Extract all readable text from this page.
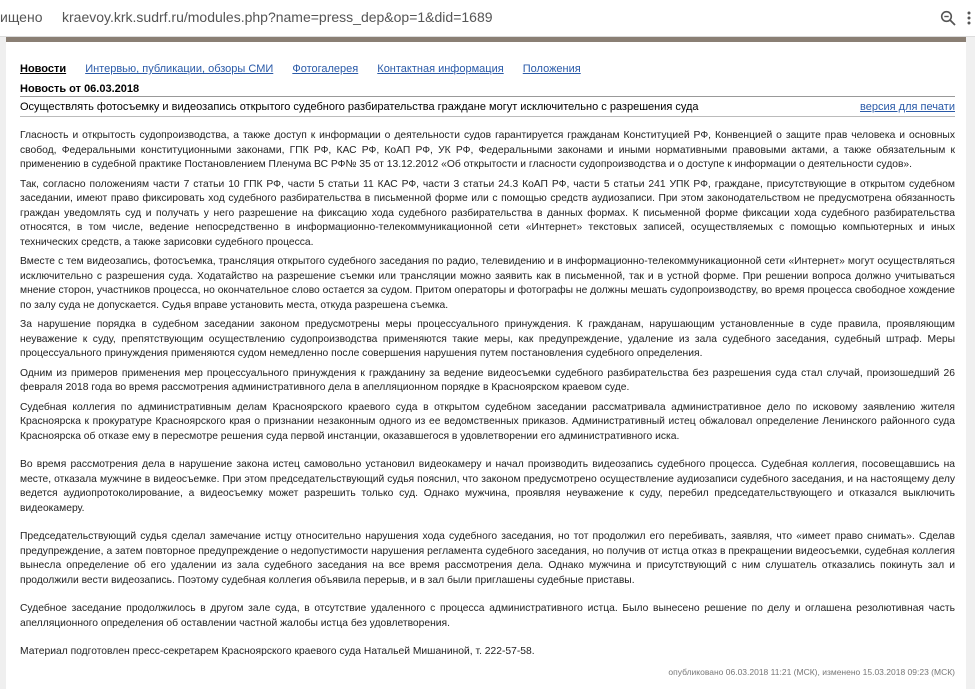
ищено kraevoy.krk.sudrf.ru/modules.php?name=press_dep&op=1&did=1689
Новости Интервью, публикации, обзоры СМИ Фотогалерея Контактная информация Положения
Новость от 06.03.2018
Осуществлять фотосъемку и видеозапись открытого судебного разбирательства граждане могут исключительно с разрешения суда	версия для печати

Гласность и открытость судопроизводства, а также доступ к информации о деятельности судов гарантируется гражданам Конституцией РФ, Конвенцией о защите прав человека и основных свобод, Федеральными конституционными законами, ГПК РФ, КАС РФ, КоАП РФ, УК РФ, Федеральными законами и иными нормативными правовыми актами, а также обязательным к применению в судебной практике Постановлением Пленума ВС РФ№ 35 от 13.12.2012 «Об открытости и гласности судопроизводства и о доступе к информации о деятельности судов».

Так, согласно положениям части 7 статьи 10 ГПК РФ, части 5 статьи 11 КАС РФ, части 3 статьи 24.3 КоАП РФ, части 5 статьи 241 УПК РФ, граждане, присутствующие в открытом судебном заседании, имеют право фиксировать ход судебного разбирательства в письменной форме или с помощью средств аудиозаписи. При этом законодательством не предусмотрена обязанность граждан уведомлять суд и получать у него разрешение на фиксацию хода судебного разбирательства в данных формах. К письменной форме фиксации хода судебного разбирательства относятся, в том числе, ведение непосредственно в информационно-телекоммуникационной сети «Интернет» текстовых записей, осуществляемых с помощью компьютерных и иных технических средств, а также зарисовки судебного процесса.

Вместе с тем видеозапись, фотосъемка, трансляция открытого судебного заседания по радио, телевидению и в информационно-телекоммуникационной сети «Интернет» могут осуществляться исключительно с разрешения суда. Ходатайство на разрешение съемки или трансляции можно заявить как в письменной, так и в устной форме. При решении вопроса должно учитываться мнение сторон, участников процесса, но окончательное слово остается за судом. Притом операторы и фотографы не должны мешать судопроизводству, во время процесса свободное хождение по залу суда не допускается. Судья вправе установить места, откуда разрешена съемка.

За нарушение порядка в судебном заседании законом предусмотрены меры процессуального принуждения. К гражданам, нарушающим установленные в суде правила, проявляющим неуважение к суду, препятствующим осуществлению судопроизводства применяются такие меры, как предупреждение, удаление из зала судебного заседания, судебный штраф. Меры процессуального принуждения применяются судом немедленно после совершения нарушения путем постановления судебного определения.

Одним из примеров применения мер процессуального принуждения к гражданину за ведение видеосъемки судебного разбирательства без разрешения суда стал случай, произошедший 26 февраля 2018 года во время рассмотрения административного дела в апелляционном порядке в Красноярском краевом суде.

Судебная коллегия по административным делам Красноярского краевого суда в открытом судебном заседании рассматривала административное дело по исковому заявлению жителя Красноярска к прокуратуре Красноярского края о признании незаконным одного из ее ведомственных приказов. Административный истец обжаловал определение Ленинского районного суда Красноярска об отказе ему в пересмотре решения суда первой инстанции, оказавшегося в удовлетворении его административного иска.

Во время рассмотрения дела в нарушение закона истец самовольно установил видеокамеру и начал производить видеозапись судебного процесса. Судебная коллегия, посовещавшись на месте, отказала мужчине в видеосъемке. При этом председательствующий судья пояснил, что законом предусмотрено осуществление аудиозаписи судебного заседания, и на настоящему делу ведется аудиопротоколирование, а видеосъемку может разрешить только суд. Однако мужчина, проявляя неуважение к суду, перебил председательствующего и отказался выключить видеокамеру.

Председательствующий судья сделал замечание истцу относительно нарушения хода судебного заседания, но тот продолжил его перебивать, заявляя, что «имеет право снимать». Сделав предупреждение, а затем повторное предупреждение о недопустимости нарушения регламента судебного заседания, но получив от истца отказ в прекращении видеосъемки, судебная коллегия вынесла определение об его удалении из зала судебного заседания на все время рассмотрения дела. Однако мужчина и присутствующий с ним слушатель отказались покинуть зал и продолжили вести видеозапись. Поэтому судебная коллегия объявила перерыв, и в зал были приглашены судебные приставы.

Судебное заседание продолжилось в другом зале суда, в отсутствие удаленного с процесса административного истца. Было вынесено решение по делу и оглашена резолютивная часть апелляционного определения об оставлении частной жалобы истца без удовлетворения.

Материал подготовлен пресс-секретарем Красноярского краевого суда Натальей Мишаниной, т. 222-57-58.

опубликовано 06.03.2018 11:21 (МСК), изменено 15.03.2018 09:23 (МСК)
